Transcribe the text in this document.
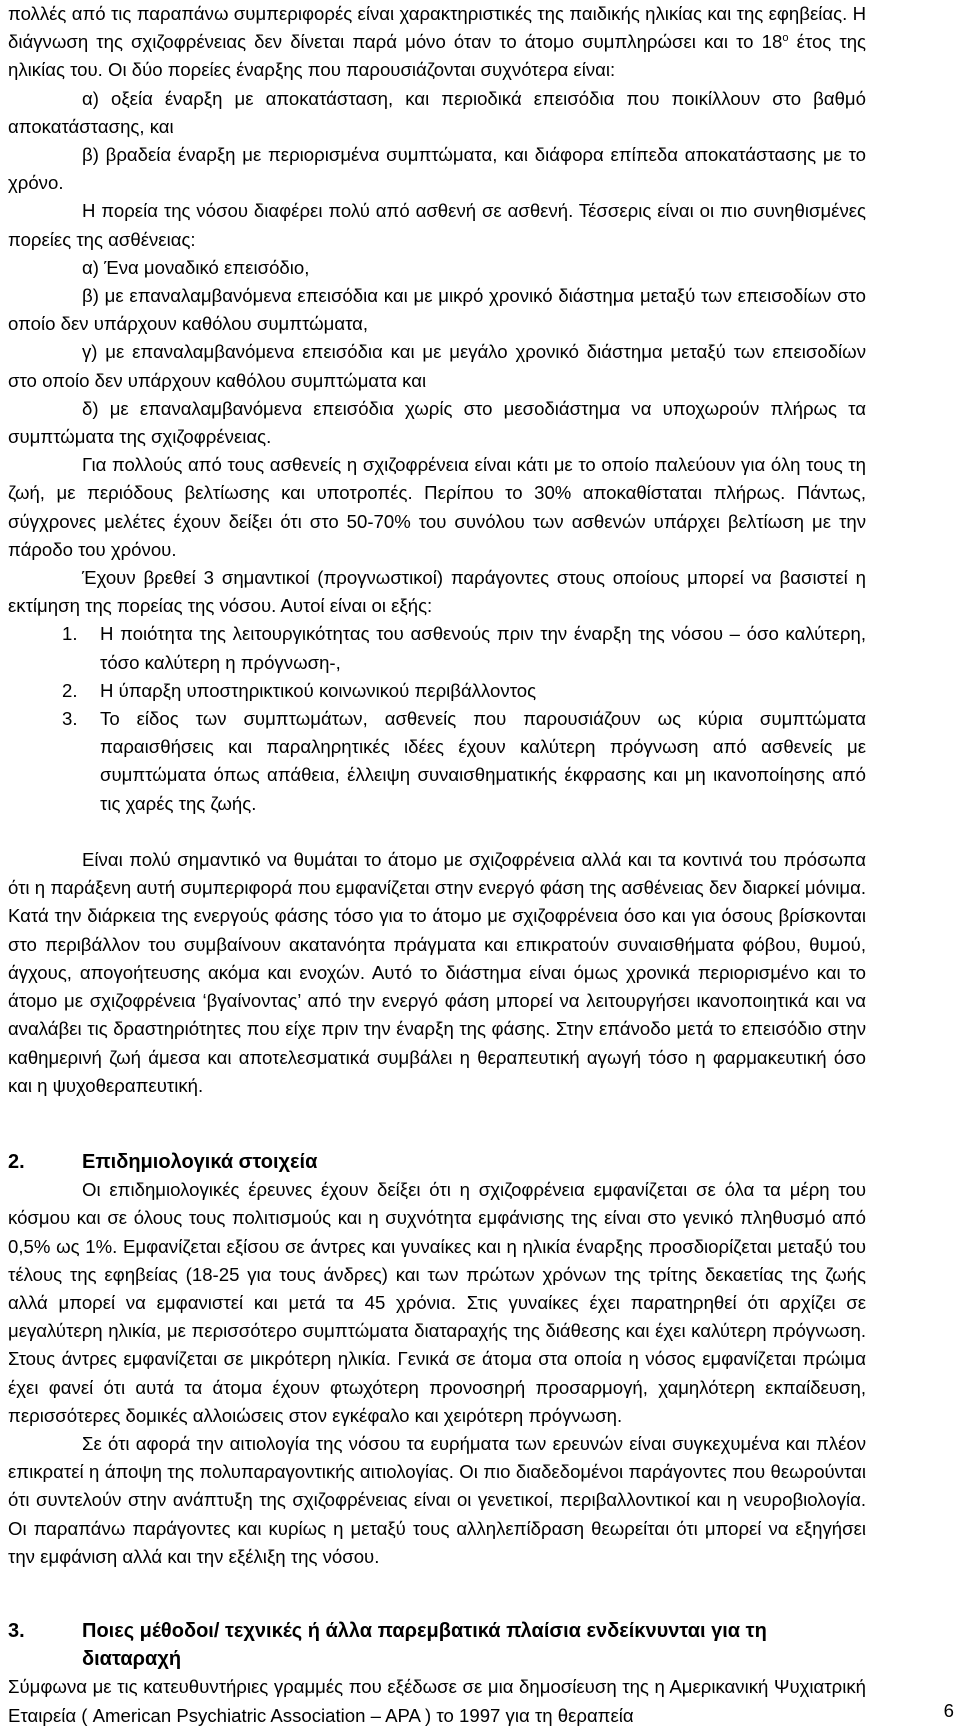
πολλές από τις παραπάνω συμπεριφορές είναι χαρακτηριστικές της παιδικής ηλικίας και της εφηβείας. Η διάγνωση της σχιζοφρένειας δεν δίνεται παρά μόνο όταν το άτομο συμπληρώσει και το $18^o$ έτος της ηλικίας του. Οι δύο πορείες έναρξης που παρουσιάζονται συχνότερα είναι:

α) οξεία έναρξη με αποκατάσταση, και περιοδικά επεισόδια που ποικίλλουν στο βαθμό αποκατάστασης, και

β) βραδεία έναρξη με περιορισμένα συμπτώματα, και διάφορα επίπεδα αποκατάστασης με το χρόνο.

Η πορεία της νόσου διαφέρει πολύ από ασθενή σε ασθενή. Τέσσερις είναι οι πιο συνηθισμένες πορείες της ασθένειας:

α) Ένα μοναδικό επεισόδιο,

β) με επαναλαμβανόμενα επεισόδια και με μικρό χρονικό διάστημα μεταξύ των επεισοδίων στο οποίο δεν υπάρχουν καθόλου συμπτώματα,

γ) με επαναλαμβανόμενα επεισόδια και με μεγάλο χρονικό διάστημα μεταξύ των επεισοδίων στο οποίο δεν υπάρχουν καθόλου συμπτώματα και

δ) με επαναλαμβανόμενα επεισόδια χωρίς στο μεσοδιάστημα να υποχωρούν πλήρως τα συμπτώματα της σχιζοφρένειας.

Για πολλούς από τους ασθενείς η σχιζοφρένεια είναι κάτι με το οποίο παλεύουν για όλη τους τη ζωή, με περιόδους βελτίωσης και υποτροπές. Περίπου το 30% αποκαθίσταται πλήρως. Πάντως, σύγχρονες μελέτες έχουν δείξει ότι στο 50-70% του συνόλου των ασθενών υπάρχει βελτίωση με την πάροδο του χρόνου.

Έχουν βρεθεί 3 σημαντικοί (προγνωστικοί) παράγοντες στους οποίους μπορεί να βασιστεί η εκτίμηση της πορείας της νόσου. Αυτοί είναι οι εξής:

1.	Η ποιότητα της λειτουργικότητας του ασθενούς πριν την έναρξη της νόσου – όσο καλύτερη, τόσο καλύτερη η πρόγνωση-,
2.	Η ύπαρξη υποστηρικτικού κοινωνικού περιβάλλοντος
3.	Το είδος των συμπτωμάτων, ασθενείς που παρουσιάζουν ως κύρια συμπτώματα παραισθήσεις και παραληρητικές ιδέες έχουν καλύτερη πρόγνωση από ασθενείς με συμπτώματα όπως απάθεια, έλλειψη συναισθηματικής έκφρασης και μη ικανοποίησης από τις χαρές της ζωής.

Είναι πολύ σημαντικό να θυμάται το άτομο με σχιζοφρένεια αλλά και τα κοντινά του πρόσωπα ότι η παράξενη αυτή συμπεριφορά που εμφανίζεται στην ενεργό φάση της ασθένειας δεν διαρκεί μόνιμα. Κατά την διάρκεια της ενεργούς φάσης τόσο για το άτομο με σχιζοφρένεια όσο και για όσους βρίσκονται στο περιβάλλον του συμβαίνουν ακατανόητα πράγματα και επικρατούν συναισθήματα φόβου, θυμού, άγχους, απογοήτευσης ακόμα και ενοχών. Αυτό το διάστημα είναι όμως χρονικά περιορισμένο και το άτομο με σχιζοφρένεια ‘βγαίνοντας’ από την ενεργό φάση μπορεί να λειτουργήσει ικανοποιητικά και να αναλάβει τις δραστηριότητες που είχε πριν την έναρξη της φάσης. Στην επάνοδο μετά το επεισόδιο στην καθημερινή ζωή άμεσα και αποτελεσματικά συμβάλει η θεραπευτική αγωγή τόσο η φαρμακευτική όσο και η ψυχοθεραπευτική.

2.	Επιδημιολογικά στοιχεία

Οι επιδημιολογικές έρευνες έχουν δείξει ότι η σχιζοφρένεια εμφανίζεται σε όλα τα μέρη του κόσμου και σε όλους τους πολιτισμούς και η συχνότητα εμφάνισης της είναι στο γενικό πληθυσμό από 0,5% ως 1%. Εμφανίζεται εξίσου σε άντρες και γυναίκες και η ηλικία έναρξης προσδιορίζεται μεταξύ του τέλους της εφηβείας (18-25 για τους άνδρες) και των πρώτων χρόνων της τρίτης δεκαετίας της ζωής αλλά μπορεί να εμφανιστεί και μετά τα 45 χρόνια. Στις γυναίκες έχει παρατηρηθεί ότι αρχίζει σε μεγαλύτερη ηλικία, με περισσότερο συμπτώματα διαταραχής της διάθεσης και έχει καλύτερη πρόγνωση. Στους άντρες εμφανίζεται σε μικρότερη ηλικία. Γενικά σε άτομα στα οποία η νόσος εμφανίζεται πρώιμα έχει φανεί ότι αυτά τα άτομα έχουν φτωχότερη προνοσηρή προσαρμογή, χαμηλότερη εκπαίδευση, περισσότερες δομικές αλλοιώσεις στον εγκέφαλο και χειρότερη πρόγνωση.

Σε ότι αφορά την αιτιολογία της νόσου τα ευρήματα των ερευνών είναι συγκεχυμένα και πλέον επικρατεί η άποψη της πολυπαραγοντικής αιτιολογίας. Οι πιο διαδεδομένοι παράγοντες που θεωρούνται ότι συντελούν στην ανάπτυξη της σχιζοφρένειας είναι οι γενετικοί, περιβαλλοντικοί και η νευροβιολογία. Οι παραπάνω παράγοντες και κυρίως η μεταξύ τους αλληλεπίδραση θεωρείται ότι μπορεί να εξηγήσει την εμφάνιση αλλά και την εξέλιξη της νόσου.

3.	Ποιες μέθοδοι/ τεχνικές ή άλλα παρεμβατικά πλαίσια ενδείκνυνται για τη διαταραχή

Σύμφωνα με τις κατευθυντήριες γραμμές που εξέδωσε σε μια δημοσίευση της η Αμερικανική Ψυχιατρική Εταιρεία ( American Psychiatric Association – APA ) το 1997 για τη θεραπεία	6
